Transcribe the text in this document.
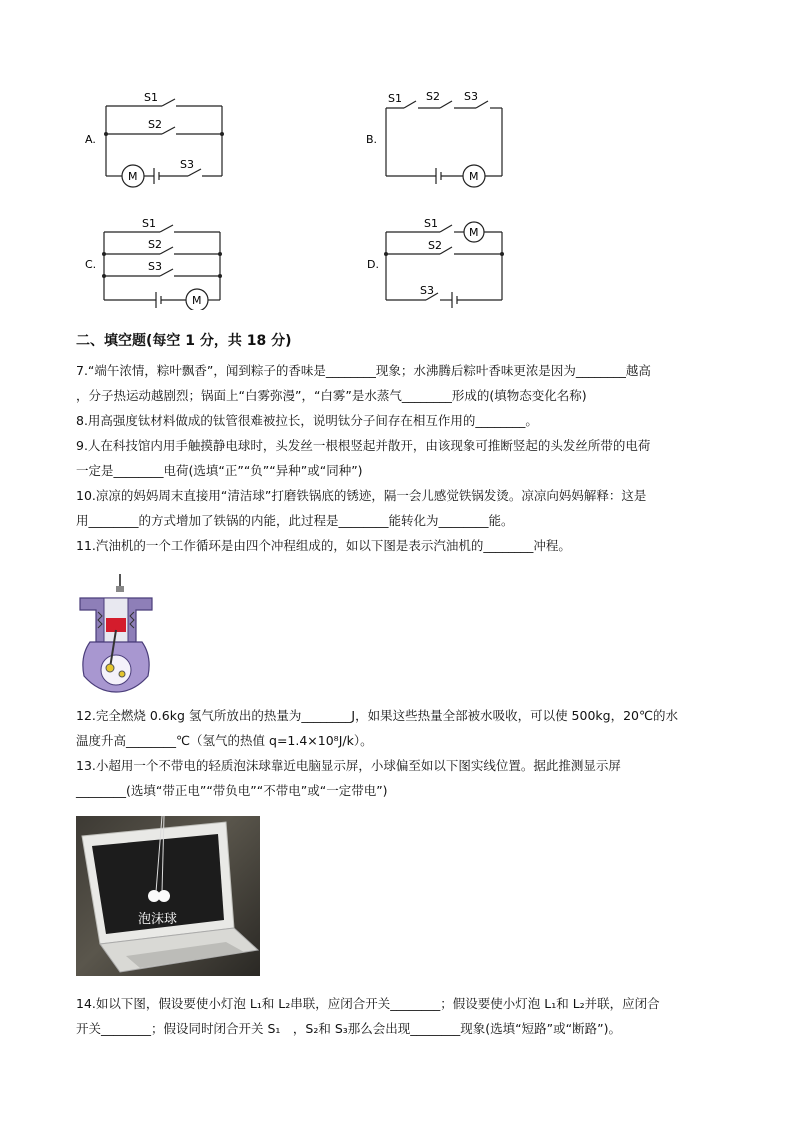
A.
S1
S2
S3
M
B.
S1 S2 S3
M
C.
S1
S2
S3
M
D.
S1
S2
S3
M
二、填空题(每空 1 分，共 18 分)
7.“端午浓情，粽叶飘香”，闻到粽子的香味是________现象；水沸腾后粽叶香味更浓是因为________越高
，分子热运动越剧烈；锅面上“白雾弥漫”，“白雾”是水蒸气________形成的(填物态变化名称)
8.用高强度钛材料做成的钛管很难被拉长，说明钛分子间存在相互作用的________。
9.人在科技馆内用手触摸静电球时，头发丝一根根竖起并散开，由该现象可推断竖起的头发丝所带的电荷
一定是________电荷(选填“正”“负”“异种”或“同种”)
10.凉凉的妈妈周末直接用“清洁球”打磨铁锅底的锈迹，隔一会儿感觉铁锅发烫。凉凉向妈妈解释：这是
用________的方式增加了铁锅的内能，此过程是________能转化为________能。
11.汽油机的一个工作循环是由四个冲程组成的，如以下图是表示汽油机的________冲程。
12.完全燃烧 0.6kg 氢气所放出的热量为________J，如果这些热量全部被水吸收，可以使 500kg，20℃的水
温度升高________℃（氢气的热值 q=1.4×10⁸J/k）。
13.小超用一个不带电的轻质泡沫球靠近电脑显示屏，小球偏至如以下图实线位置。据此推测显示屏
________(选填“带正电”“带负电”“不带电”或“一定带电”)
泡沫球
14.如以下图，假设要使小灯泡 L₁和 L₂串联，应闭合开关________；假设要使小灯泡 L₁和 L₂并联，应闭合
开关________；假设同时闭合开关 S₁　，S₂和 S₃那么会出现________现象(选填“短路”或“断路”)。
